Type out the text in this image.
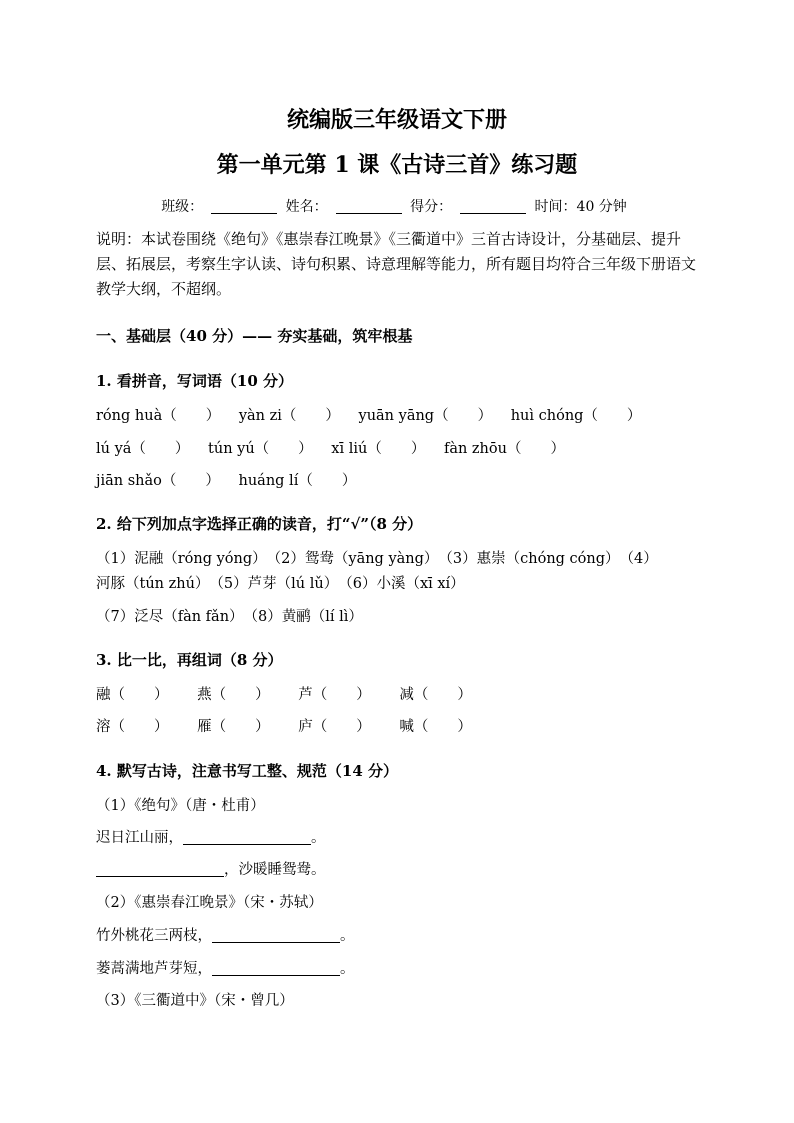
统编版三年级语文下册
第一单元第 1 课《古诗三首》练习题
班级：	姓名：	得分：	时间：40 分钟
说明：本试卷围绕《绝句》《惠崇春江晚景》《三衢道中》三首古诗设计，分基础层、提升层、拓展层，考察生字认读、诗句积累、诗意理解等能力，所有题目均符合三年级下册语文教学大纲，不超纲。
一、基础层（40 分）—— 夯实基础，筑牢根基
1. 看拼音，写词语（10 分）
róng huà（　　） yàn zi（　　） yuān yāng（　　） huì chóng（　　）
lú yá（　　） tún yú（　　） xī liú（　　） fàn zhōu（　　）
jiān shǎo（　　） huáng lí（　　）
2. 给下列加点字选择正确的读音，打“√”（8 分）
（1）泥融（róng yóng）　（2）鸳鸯（yāng yàng）　（3）惠崇（chóng cóng）　（4）
河豚（tún zhú）　（5）芦芽（lú lǔ）　（6）小溪（xī xí）
（7）泛尽（fàn fǎn）　（8）黄鹂（lí lì）
3. 比一比，再组词（8 分）
融（　　） 燕（　　） 芦（　　） 减（　　）
溶（　　） 雁（　　） 庐（　　） 喊（　　）
4. 默写古诗，注意书写工整、规范（14 分）
（1）《绝句》（唐・杜甫）
迟日江山丽，	。
，沙暖睡鸳鸯。
（2）《惠崇春江晚景》（宋・苏轼）
竹外桃花三两枝，	。
蒌蒿满地芦芽短，	。
（3）《三衢道中》（宋・曾几）
